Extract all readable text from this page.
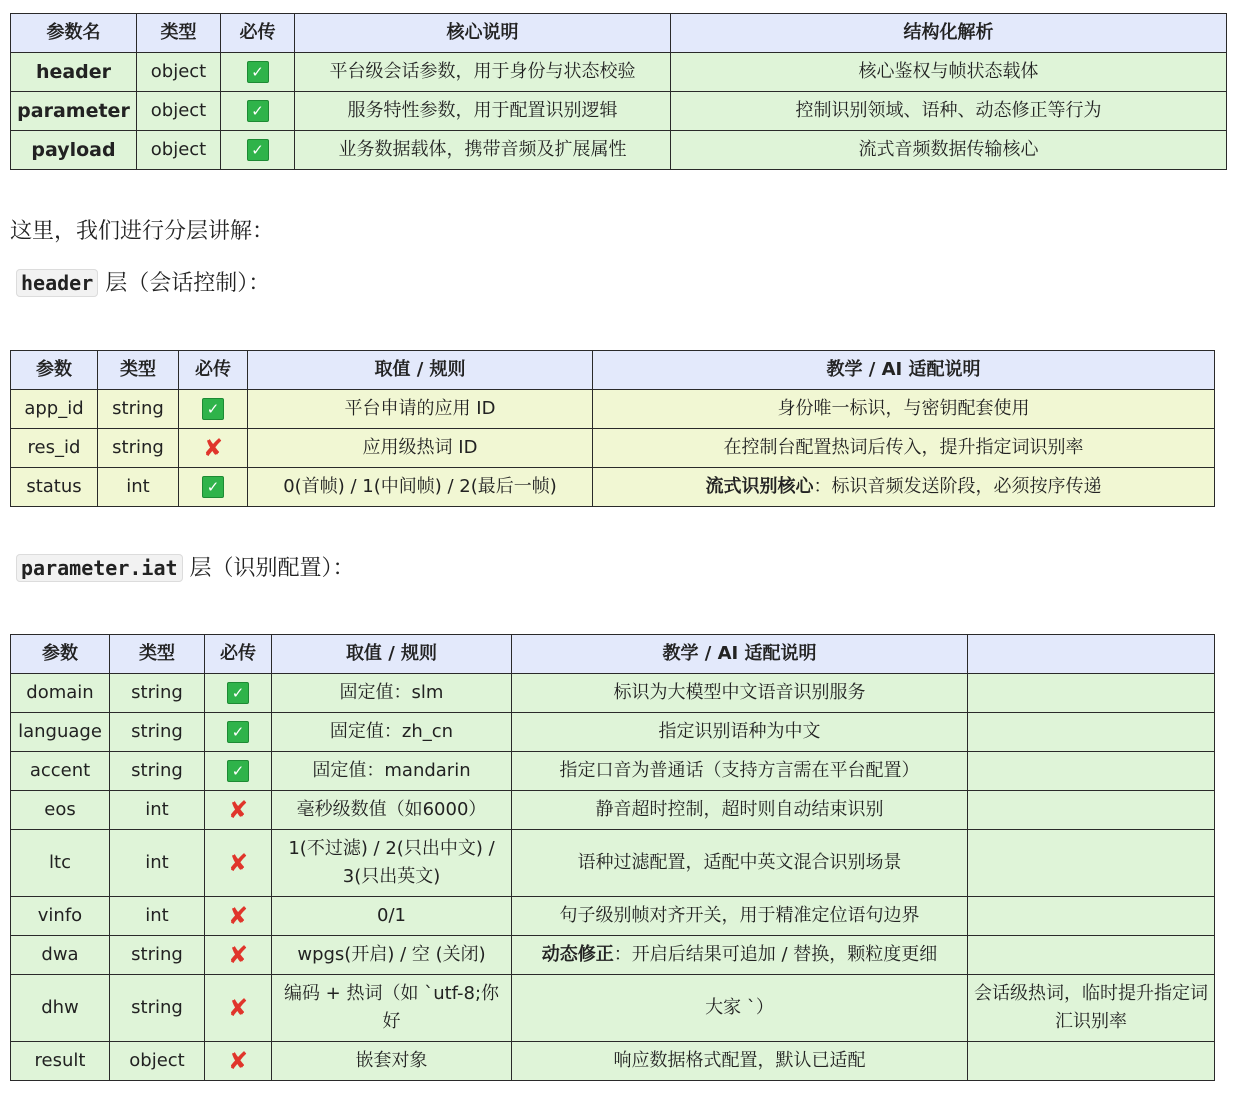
参数名	类型	必传	核心说明	结构化解析
header	object	✓	平台级会话参数，用于身份与状态校验	核心鉴权与帧状态载体
parameter	object	✓	服务特性参数，用于配置识别逻辑	控制识别领域、语种、动态修正等行为
payload	object	✓	业务数据载体，携带音频及扩展属性	流式音频数据传输核心

这里，我们进行分层讲解：

header 层（会话控制）：

参数	类型	必传	取值 / 规则	教学 / AI 适配说明
app_id	string	✓	平台申请的应用 ID	身份唯一标识，与密钥配套使用
res_id	string	✘	应用级热词 ID	在控制台配置热词后传入，提升指定词识别率
status	int	✓	0(首帧) / 1(中间帧) / 2(最后一帧)	流式识别核心：标识音频发送阶段，必须按序传递

parameter.iat 层（识别配置）：

参数	类型	必传	取值 / 规则	教学 / AI 适配说明	
domain	string	✓	固定值：slm	标识为大模型中文语音识别服务	
language	string	✓	固定值：zh_cn	指定识别语种为中文	
accent	string	✓	固定值：mandarin	指定口音为普通话（支持方言需在平台配置）	
eos	int	✘	毫秒级数值（如6000）	静音超时控制，超时则自动结束识别	
ltc	int	✘	1(不过滤) / 2(只出中文) / 3(只出英文)	语种过滤配置，适配中英文混合识别场景	
vinfo	int	✘	0/1	句子级别帧对齐开关，用于精准定位语句边界	
dwa	string	✘	wpgs(开启) / 空 (关闭)	动态修正：开启后结果可追加 / 替换，颗粒度更细	
dhw	string	✘	编码 + 热词（如 `utf-8;你好	大家 `）	会话级热词，临时提升指定词汇识别率
result	object	✘	嵌套对象	响应数据格式配置，默认已适配	
